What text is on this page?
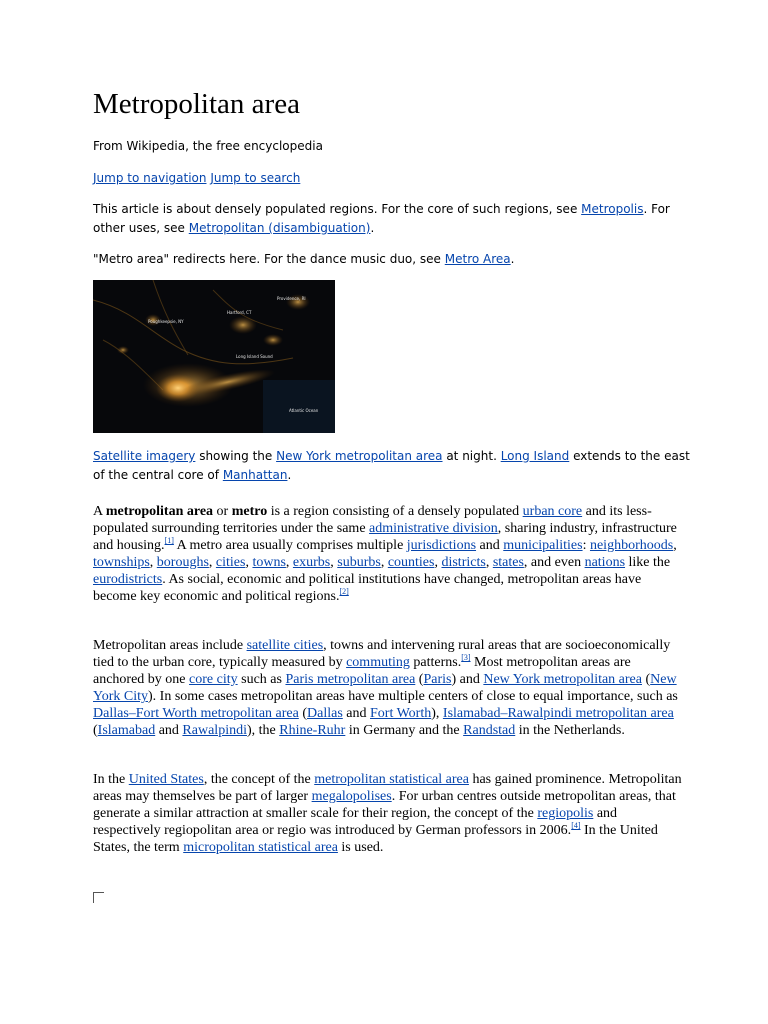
Metropolitan area
From Wikipedia, the free encyclopedia
Jump to navigation Jump to search
This article is about densely populated regions. For the core of such regions, see Metropolis. For
other uses, see Metropolitan (disambiguation).
"Metro area" redirects here. For the dance music duo, see Metro Area.
Providence, RI
Hartford, CT
Poughkeepsie, NY
Long Island Sound
Atlantic Ocean
Satellite imagery showing the New York metropolitan area at night. Long Island extends to the east
of the central core of Manhattan.

A metropolitan area or metro is a region consisting of a densely populated urban core and its less-populated surrounding territories under the same administrative division, sharing industry, infrastructure and housing.[1] A metro area usually comprises multiple jurisdictions and municipalities: neighborhoods, townships, boroughs, cities, towns, exurbs, suburbs, counties, districts, states, and even nations like the eurodistricts. As social, economic and political institutions have changed, metropolitan areas have become key economic and political regions.[2]

Metropolitan areas include satellite cities, towns and intervening rural areas that are socioeconomically tied to the urban core, typically measured by commuting patterns.[3] Most metropolitan areas are anchored by one core city such as Paris metropolitan area (Paris) and New York metropolitan area (New York City). In some cases metropolitan areas have multiple centers of close to equal importance, such as Dallas–Fort Worth metropolitan area (Dallas and Fort Worth), Islamabad–Rawalpindi metropolitan area (Islamabad and Rawalpindi), the Rhine-Ruhr in Germany and the Randstad in the Netherlands.

In the United States, the concept of the metropolitan statistical area has gained prominence. Metropolitan areas may themselves be part of larger megalopolises. For urban centres outside metropolitan areas, that generate a similar attraction at smaller scale for their region, the concept of the regiopolis and respectively regiopolitan area or regio was introduced by German professors in 2006.[4] In the United States, the term micropolitan statistical area is used.
